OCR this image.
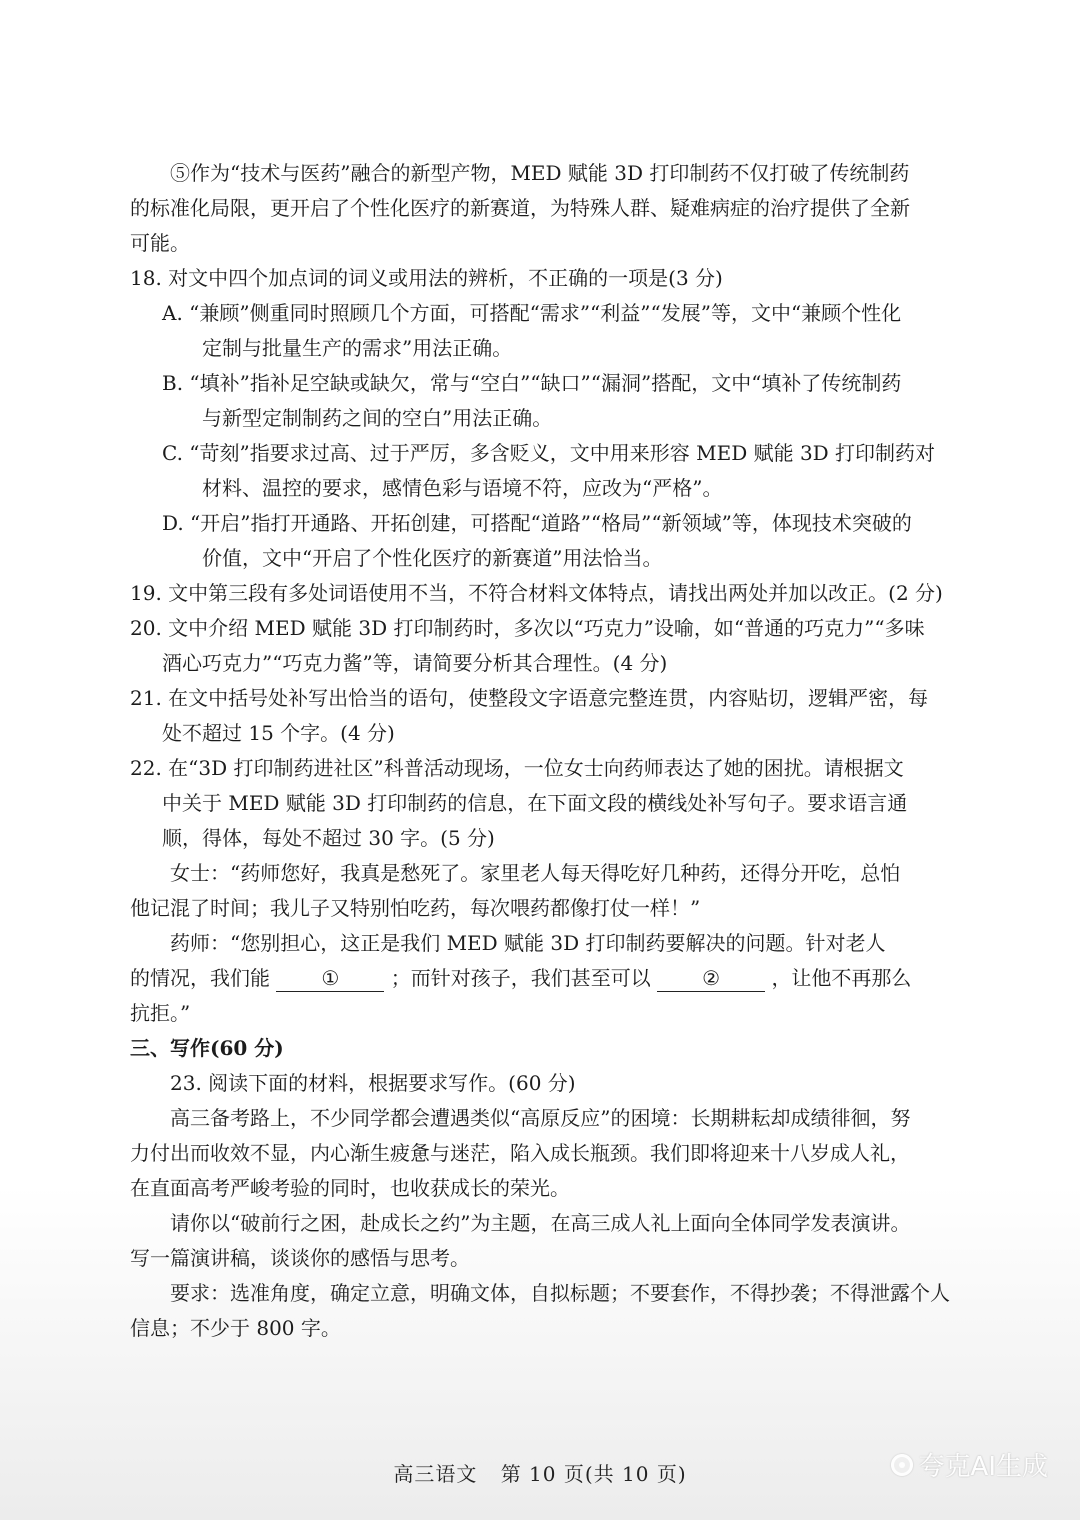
⑤作为“技术与医药”融合的新型产物，MED 赋能 3D 打印制药不仅打破了传统制药

的标准化局限，更开启了个性化医疗的新赛道，为特殊人群、疑难病症的治疗提供了全新

可能。

18. 对文中四个加点词的词义或用法的辨析，不正确的一项是(3 分)

A. “兼顾”侧重同时照顾几个方面，可搭配“需求”“利益”“发展”等，文中“兼顾个性化
定制与批量生产的需求”用法正确。
B. “填补”指补足空缺或缺欠，常与“空白”“缺口”“漏洞”搭配，文中“填补了传统制药
与新型定制制药之间的空白”用法正确。
C. “苛刻”指要求过高、过于严厉，多含贬义，文中用来形容 MED 赋能 3D 打印制药对
材料、温控的要求，感情色彩与语境不符，应改为“严格”。
D. “开启”指打开通路、开拓创建，可搭配“道路”“格局”“新领域”等，体现技术突破的
价值，文中“开启了个性化医疗的新赛道”用法恰当。

19. 文中第三段有多处词语使用不当，不符合材料文体特点，请找出两处并加以改正。(2 分)

20. 文中介绍 MED 赋能 3D 打印制药时，多次以“巧克力”设喻，如“普通的巧克力”“多味

酒心巧克力”“巧克力酱”等，请简要分析其合理性。(4 分)

21. 在文中括号处补写出恰当的语句，使整段文字语意完整连贯，内容贴切，逻辑严密，每

处不超过 15 个字。(4 分)

22. 在“3D 打印制药进社区”科普活动现场，一位女士向药师表达了她的困扰。请根据文

中关于 MED 赋能 3D 打印制药的信息，在下面文段的横线处补写句子。要求语言通

顺，得体，每处不超过 30 字。(5 分)

女士：“药师您好，我真是愁死了。家里老人每天得吃好几种药，还得分开吃，总怕

他记混了时间；我儿子又特别怕吃药，每次喂药都像打仗一样！”

药师：“您别担心，这正是我们 MED 赋能 3D 打印制药要解决的问题。针对老人

的情况，我们能	①	；而针对孩子，我们甚至可以	②	，让他不再那么

抗拒。”

三、写作(60 分)

23. 阅读下面的材料，根据要求写作。(60 分)

高三备考路上，不少同学都会遭遇类似“高原反应”的困境：长期耕耘却成绩徘徊，努

力付出而收效不显，内心渐生疲惫与迷茫，陷入成长瓶颈。我们即将迎来十八岁成人礼，

在直面高考严峻考验的同时，也收获成长的荣光。

请你以“破前行之困，赴成长之约”为主题，在高三成人礼上面向全体同学发表演讲。

写一篇演讲稿，谈谈你的感悟与思考。

要求：选准角度，确定立意，明确文体，自拟标题；不要套作，不得抄袭；不得泄露个人

信息；不少于 800 字。

高三语文 第 10 页(共 10 页)	夸克AI生成
